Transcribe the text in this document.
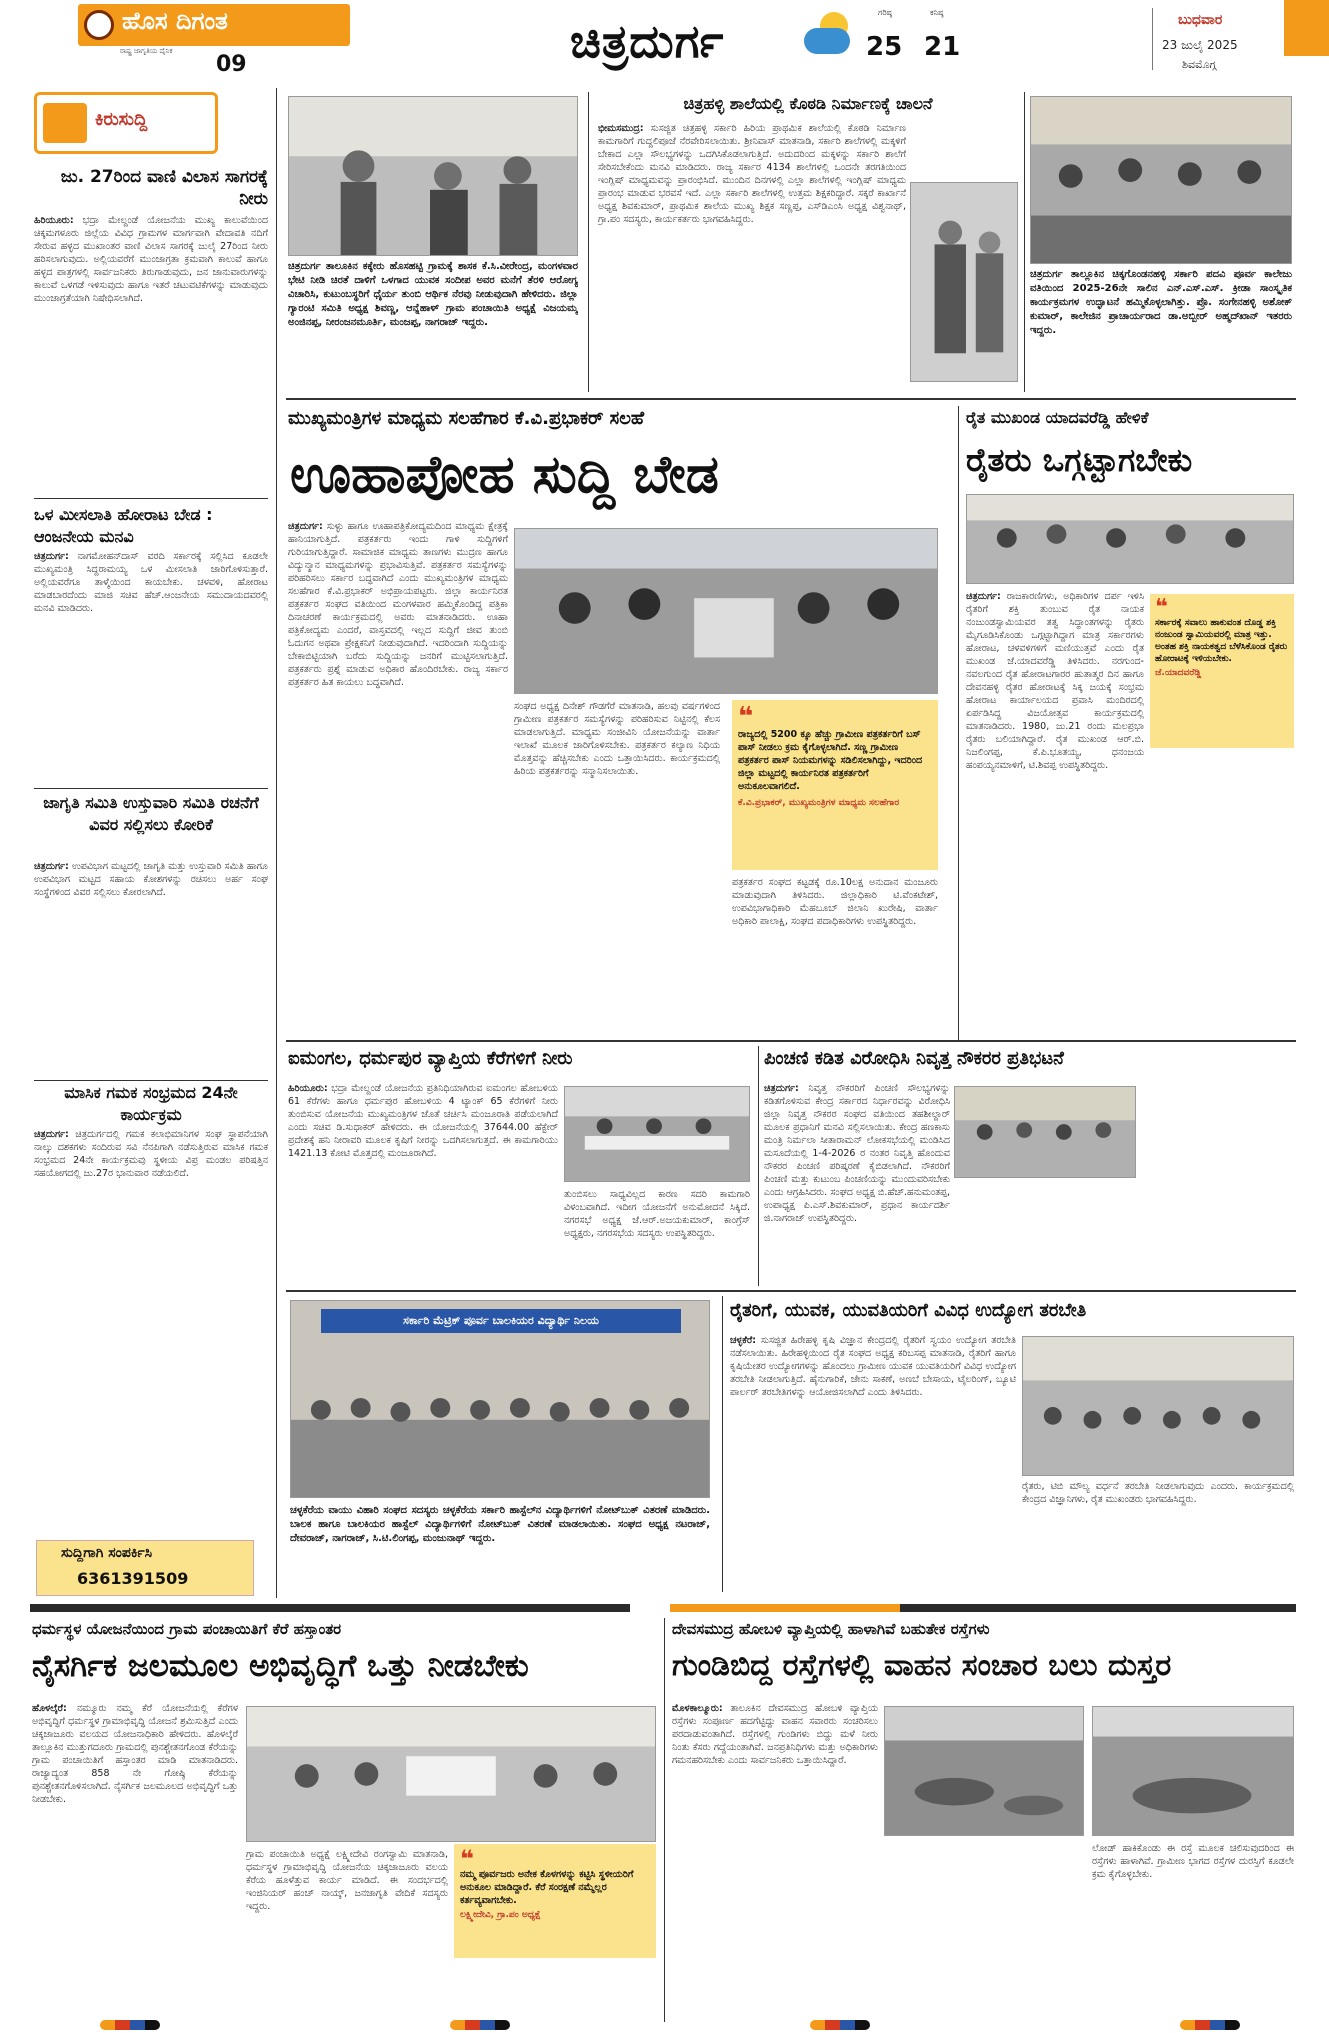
ಹೊಸ ದಿಗಂತ
ರಾಷ್ಟ್ರ ಜಾಗೃತಿಯ ದೈನಿಕ
09	ಚಿತ್ರದುರ್ಗ
ಗರಿಷ್ಠ
25
ಕನಿಷ್ಠ
21
ಬುಧವಾರ
23 ಜುಲೈ 2025
ಶಿವಮೊಗ್ಗ
ಕಿರುಸುದ್ದಿ
ಜು. 27ರಿಂದ ವಾಣಿ ವಿಲಾಸ ಸಾಗರಕ್ಕೆ ನೀರು
ಹಿರಿಯೂರು: ಭದ್ರಾ ಮೇಲ್ದಂಡೆ ಯೋಜನೆಯ ಮುಖ್ಯ ಕಾಲುವೆಯಿಂದ ಚಿಕ್ಕಮಗಳೂರು ಜಿಲ್ಲೆಯ ವಿವಿಧ ಗ್ರಾಮಗಳ ಮಾರ್ಗವಾಗಿ ವೇದಾವತಿ ನದಿಗೆ ಸೇರುವ ಹಳ್ಳದ ಮುಖಾಂತರ ವಾಣಿ ವಿಲಾಸ ಸಾಗರಕ್ಕೆ ಜುಲೈ 27ರಿಂದ ನೀರು ಹರಿಸಲಾಗುವುದು. ಅಲ್ಲಿಯವರೆಗೆ ಮುಂಜಾಗ್ರತಾ ಕ್ರಮವಾಗಿ ಕಾಲುವೆ ಹಾಗೂ ಹಳ್ಳದ ಪಾತ್ರಗಳಲ್ಲಿ ಸಾರ್ವಜನಿಕರು ತಿರುಗಾಡುವುದು, ಜನ ಜಾನುವಾರುಗಳನ್ನು ಕಾಲುವೆ ಒಳಗಡೆ ಇಳಿಸುವುದು ಹಾಗೂ ಇತರೆ ಚಟುವಟಿಕೆಗಳನ್ನು ಮಾಡುವುದು ಮುಂಜಾಗ್ರತೆಯಾಗಿ ನಿಷೇಧಿಸಲಾಗಿದೆ.
ಒಳ ಮೀಸಲಾತಿ ಹೋರಾಟ ಬೇಡ : ಆಂಜನೇಯ ಮನವಿ
ಚಿತ್ರದುರ್ಗ: ನಾಗಮೋಹನ್‍ದಾಸ್ ವರದಿ ಸರ್ಕಾರಕ್ಕೆ ಸಲ್ಲಿಸಿದ ಕೂಡಲೇ ಮುಖ್ಯಮಂತ್ರಿ ಸಿದ್ದರಾಮಯ್ಯ ಒಳ ಮೀಸಲಾತಿ ಜಾರಿಗೊಳಿಸುತ್ತಾರೆ. ಅಲ್ಲಿಯವರೆಗೂ ತಾಳ್ಮೆಯಿಂದ ಕಾಯಬೇಕು. ಚಳವಳಿ, ಹೋರಾಟ ಮಾಡಬಾರದೆಂದು ಮಾಜಿ ಸಚಿವ ಹೆಚ್.ಆಂಜನೇಯ ಸಮುದಾಯದವರಲ್ಲಿ ಮನವಿ ಮಾಡಿದರು.
ಜಾಗೃತಿ ಸಮಿತಿ ಉಸ್ತುವಾರಿ ಸಮಿತಿ ರಚನೆಗೆ ವಿವರ ಸಲ್ಲಿಸಲು ಕೋರಿಕೆ
ಚಿತ್ರದುರ್ಗ: ಉಪವಿಭಾಗ ಮಟ್ಟದಲ್ಲಿ ಜಾಗೃತಿ ಮತ್ತು ಉಸ್ತುವಾರಿ ಸಮಿತಿ ಹಾಗೂ ಉಪವಿಭಾಗ ಮಟ್ಟದ ಸಹಾಯ ಕೋಶಗಳನ್ನು ರಚಿಸಲು ಅರ್ಹ ಸಂಘ ಸಂಸ್ಥೆಗಳಿಂದ ವಿವರ ಸಲ್ಲಿಸಲು ಕೋರಲಾಗಿದೆ.
ಮಾಸಿಕ ಗಮಕ ಸಂಭ್ರಮದ 24ನೇ ಕಾರ್ಯಕ್ರಮ
ಚಿತ್ರದುರ್ಗ: ಚಿತ್ರದುರ್ಗದಲ್ಲಿ ಗಮಕ ಕಲಾಭಿಮಾನಿಗಳ ಸಂಘ ಸ್ಥಾಪನೆಯಾಗಿ ನಾಲ್ಕು ದಶಕಗಳು ಸಂದಿರುವ ಸವಿ ನೆನಪಿಗಾಗಿ ನಡೆಸುತ್ತಿರುವ ಮಾಸಿಕ ಗಮಕ ಸಂಭ್ರಮದ 24ನೇ ಕಾರ್ಯಕ್ರಮವು ಸ್ಥಳೀಯ ವಿಪ್ರ ಮಂಡಲ ಪರಿಷತ್ತಿನ ಸಹಯೋಗದಲ್ಲಿ ಜು.27ರ ಭಾನುವಾರ ನಡೆಯಲಿದೆ.
ಸುದ್ದಿಗಾಗಿ ಸಂಪರ್ಕಿಸಿ
6361391509
ಚಿತ್ರದುರ್ಗ ತಾಲೂಕಿನ ಕಕ್ಕೇರು ಹೊಸಹಟ್ಟಿ ಗ್ರಾಮಕ್ಕೆ ಶಾಸಕ ಕೆ.ಸಿ.ವೀರೇಂದ್ರ, ಮಂಗಳವಾರ ಭೇಟಿ ನೀಡಿ ಚಿರತೆ ದಾಳಿಗೆ ಒಳಗಾದ ಯುವಕ ಸಂದೀಪ ಅವರ ಮನೆಗೆ ತೆರಳಿ ಆರೋಗ್ಯ ವಿಚಾರಿಸಿ, ಕುಟುಂಬಸ್ಥರಿಗೆ ಧೈರ್ಯ ತುಂಬಿ ಆರ್ಥಿಕ ನೆರವು ನೀಡುವುದಾಗಿ ಹೇಳಿದರು. ಜಿಲ್ಲಾ ಗ್ಯಾರಂಟಿ ಸಮಿತಿ ಅಧ್ಯಕ್ಷ ಶಿವಣ್ಣ, ಆನ್ನೆಹಾಳ್ ಗ್ರಾಮ ಪಂಚಾಯಿತಿ ಅಧ್ಯಕ್ಷೆ ವಿಜಯಮ್ಮ ಅಂಜಿನಪ್ಪ, ನೀರಂಜನಮೂರ್ತಿ, ಮಂಜಪ್ಪ, ನಾಗರಾಜ್ ಇದ್ದರು.
ಚಿತ್ರಹಳ್ಳಿ ಶಾಲೆಯಲ್ಲಿ ಕೊಠಡಿ ನಿರ್ಮಾಣಕ್ಕೆ ಚಾಲನೆ
ಭೀಮಸಮುದ್ರ: ಸುಸಜ್ಜಿತ ಚಿತ್ರಹಳ್ಳಿ ಸರ್ಕಾರಿ ಹಿರಿಯ ಪ್ರಾಥಮಿಕ ಶಾಲೆಯಲ್ಲಿ ಕೊಠಡಿ ನಿರ್ಮಾಣ ಕಾಮಗಾರಿಗೆ ಗುದ್ದಲಿಪೂಜೆ ನೆರವೇರಿಸಲಾಯಿತು. ಶ್ರೀನಿವಾಸ್ ಮಾತನಾಡಿ, ಸರ್ಕಾರಿ ಶಾಲೆಗಳಲ್ಲಿ ಮಕ್ಕಳಿಗೆ ಬೇಕಾದ ಎಲ್ಲಾ ಸೌಲಭ್ಯಗಳನ್ನು ಒದಗಿಸಿಕೊಡಲಾಗುತ್ತಿದೆ. ಅದುದರಿಂದ ಮಕ್ಕಳನ್ನು ಸರ್ಕಾರಿ ಶಾಲೆಗೆ ಸೇರಿಸಬೇಕೆಂದು ಮನವಿ ಮಾಡಿದರು. ರಾಜ್ಯ ಸರ್ಕಾರ 4134 ಶಾಲೆಗಳಲ್ಲಿ ಒಂದನೇ ತರಗತಿಯಿಂದ ಇಂಗ್ಲಿಷ್ ಮಾಧ್ಯಮವನ್ನು ಪ್ರಾರಂಭಿಸಿದೆ. ಮುಂದಿನ ದಿನಗಳಲ್ಲಿ ಎಲ್ಲಾ ಶಾಲೆಗಳಲ್ಲಿ ಇಂಗ್ಲಿಷ್ ಮಾಧ್ಯಮ ಪ್ರಾರಂಭ ಮಾಡುವ ಭರವಸೆ ಇದೆ. ಎಲ್ಲಾ ಸರ್ಕಾರಿ ಶಾಲೆಗಳಲ್ಲಿ ಉತ್ತಮ ಶಿಕ್ಷಕರಿದ್ದಾರೆ. ಸಕ್ಕರೆ ಕಾರ್ಖಾನೆ ಅಧ್ಯಕ್ಷ ಶಿವಕುಮಾರ್, ಪ್ರಾಥಮಿಕ ಶಾಲೆಯ ಮುಖ್ಯ ಶಿಕ್ಷಕ ಸಣ್ಣಪ್ಪ, ಎಸ್‍ಡಿಎಂಸಿ ಅಧ್ಯಕ್ಷ ವಿಶ್ವನಾಥ್, ಗ್ರಾ.ಪಂ ಸದಸ್ಯರು, ಕಾರ್ಯಕರ್ತರು ಭಾಗವಹಿಸಿದ್ದರು.
ಚಿತ್ರದುರ್ಗ ತಾಲ್ಲೂಕಿನ ಚಿಕ್ಕಗೊಂಡನಹಳ್ಳಿ ಸರ್ಕಾರಿ ಪದವಿ ಪೂರ್ವ ಕಾಲೇಜು ವತಿಯಿಂದ 2025-26ನೇ ಸಾಲಿನ ಎನ್.ಎಸ್.ಎಸ್. ಕ್ರೀಡಾ ಸಾಂಸ್ಕೃತಿಕ ಕಾರ್ಯಕ್ರಮಗಳ ಉದ್ಘಾಟನೆ ಹಮ್ಮಿಕೊಳ್ಳಲಾಗಿತ್ತು. ಪ್ರೊ. ಸಂಗೇನಹಳ್ಳಿ ಅಶೋಕ್ ಕುಮಾರ್, ಕಾಲೇಜಿನ ಪ್ರಾಚಾರ್ಯರಾದ ಡಾ.ಅಬ್ಬೀರ್ ಅಹ್ಮದ್‍ಖಾನ್ ಇತರರು ಇದ್ದರು.
ಮುಖ್ಯಮಂತ್ರಿಗಳ ಮಾಧ್ಯಮ ಸಲಹೆಗಾರ ಕೆ.ವಿ.ಪ್ರಭಾಕರ್ ಸಲಹೆ
ಊಹಾಪೋಹ ಸುದ್ದಿ ಬೇಡ
ಚಿತ್ರದುರ್ಗ: ಸುಳ್ಳು ಹಾಗೂ ಊಹಾಪತ್ರಿಕೋದ್ಯಮದಿಂದ ಮಾಧ್ಯಮ ಕ್ಷೇತ್ರಕ್ಕೆ ಹಾನಿಯಾಗುತ್ತಿದೆ. ಪತ್ರಕರ್ತರು ಇಂದು ಗಾಳಿ ಸುದ್ದಿಗಳಿಗೆ ಗುರಿಯಾಗುತ್ತಿದ್ದಾರೆ. ಸಾಮಾಜಿಕ ಮಾಧ್ಯಮ ತಾಣಗಳು ಮುದ್ರಣ ಹಾಗೂ ವಿದ್ಯುನ್ಮಾನ ಮಾಧ್ಯಮಗಳನ್ನು ಪ್ರಭಾವಿಸುತ್ತಿವೆ. ಪತ್ರಕರ್ತರ ಸಮಸ್ಯೆಗಳನ್ನು ಪರಿಹರಿಸಲು ಸರ್ಕಾರ ಬದ್ಧವಾಗಿದೆ ಎಂದು ಮುಖ್ಯಮಂತ್ರಿಗಳ ಮಾಧ್ಯಮ ಸಲಹೆಗಾರ ಕೆ.ವಿ.ಪ್ರಭಾಕರ್ ಅಭಿಪ್ರಾಯಪಟ್ಟರು. ಜಿಲ್ಲಾ ಕಾರ್ಯನಿರತ ಪತ್ರಕರ್ತರ ಸಂಘದ ವತಿಯಿಂದ ಮಂಗಳವಾರ ಹಮ್ಮಿಕೊಂಡಿದ್ದ ಪತ್ರಿಕಾ ದಿನಾಚರಣೆ ಕಾರ್ಯಕ್ರಮದಲ್ಲಿ ಅವರು ಮಾತನಾಡಿದರು. ಊಹಾ ಪತ್ರಿಕೋದ್ಯಮ ಎಂದರೆ, ವಾಸ್ತವದಲ್ಲಿ ಇಲ್ಲದ ಸುದ್ದಿಗೆ ಜೀವ ತುಂಬಿ ಓದುಗನ ಅಥವಾ ಪ್ರೇಕ್ಷಕನಿಗೆ ನೀಡುವುದಾಗಿದೆ. ಇದರಿಂದಾಗಿ ಸುದ್ದಿಯನ್ನು ಬೇಕಾಬಿಟ್ಟಿಯಾಗಿ ಬರೆದು ಸುದ್ದಿಯನ್ನು ಜನರಿಗೆ ಮುಟ್ಟಿಸಲಾಗುತ್ತಿದೆ. ಪತ್ರಕರ್ತರು ಪ್ರಶ್ನೆ ಮಾಡುವ ಅಧಿಕಾರ ಹೊಂದಿರಬೇಕು. ರಾಜ್ಯ ಸರ್ಕಾರ ಪತ್ರಕರ್ತರ ಹಿತ ಕಾಯಲು ಬದ್ಧವಾಗಿದೆ.
ಸಂಘದ ಅಧ್ಯಕ್ಷ ದಿನೇಶ್ ಗೌಡಗೆರೆ ಮಾತನಾಡಿ, ಹಲವು ವರ್ಷಗಳಿಂದ ಗ್ರಾಮೀಣ ಪತ್ರಕರ್ತರ ಸಮಸ್ಯೆಗಳನ್ನು ಪರಿಹರಿಸುವ ನಿಟ್ಟಿನಲ್ಲಿ ಕೆಲಸ ಮಾಡಲಾಗುತ್ತಿದೆ. ಮಾಧ್ಯಮ ಸಂಜೀವಿನಿ ಯೋಜನೆಯನ್ನು ವಾರ್ತಾ ಇಲಾಖೆ ಮೂಲಕ ಜಾರಿಗೊಳಿಸಬೇಕು. ಪತ್ರಕರ್ತರ ಕಲ್ಯಾಣ ನಿಧಿಯ ಮೊತ್ತವನ್ನು ಹೆಚ್ಚಿಸಬೇಕು ಎಂದು ಒತ್ತಾಯಿಸಿದರು. ಕಾರ್ಯಕ್ರಮದಲ್ಲಿ ಹಿರಿಯ ಪತ್ರಕರ್ತರನ್ನು ಸನ್ಮಾನಿಸಲಾಯಿತು.
❝
ರಾಜ್ಯದಲ್ಲಿ 5200 ಕ್ಕೂ ಹೆಚ್ಚು ಗ್ರಾಮೀಣ ಪತ್ರಕರ್ತರಿಗೆ ಬಸ್ ಪಾಸ್ ನೀಡಲು ಕ್ರಮ ಕೈಗೊಳ್ಳಲಾಗಿದೆ. ಸಣ್ಣ ಗ್ರಾಮೀಣ ಪತ್ರಕರ್ತರ ಪಾಸ್ ನಿಯಮಗಳನ್ನು ಸಡಿಲಿಸಲಾಗಿದ್ದು, ಇದರಿಂದ ಜಿಲ್ಲಾ ಮಟ್ಟದಲ್ಲಿ ಕಾರ್ಯನಿರತ ಪತ್ರಕರ್ತರಿಗೆ ಅನುಕೂಲವಾಗಲಿದೆ.
ಕೆ.ವಿ.ಪ್ರಭಾಕರ್, ಮುಖ್ಯಮಂತ್ರಿಗಳ ಮಾಧ್ಯಮ ಸಲಹೆಗಾರ
ಪತ್ರಕರ್ತರ ಸಂಘದ ಕಟ್ಟಡಕ್ಕೆ ರೂ.10ಲಕ್ಷ ಅನುದಾನ ಮಂಜೂರು ಮಾಡುವುದಾಗಿ ತಿಳಿಸಿದರು. ಜಿಲ್ಲಾಧಿಕಾರಿ ಟಿ.ವೆಂಕಟೇಶ್, ಉಪವಿಭಾಗಾಧಿಕಾರಿ ಮೆಹಬೂಬ್ ಜಿಲಾನಿ ಖುರೇಷಿ, ವಾರ್ತಾ ಅಧಿಕಾರಿ ಪಾಲಾಕ್ಷಿ, ಸಂಘದ ಪದಾಧಿಕಾರಿಗಳು ಉಪಸ್ಥಿತರಿದ್ದರು.
ರೈತ ಮುಖಂಡ ಯಾದವರೆಡ್ಡಿ ಹೇಳಿಕೆ
ರೈತರು ಒಗ್ಗಟ್ಟಾಗಬೇಕು
ಚಿತ್ರದುರ್ಗ: ರಾಜಕಾರಣಿಗಳು, ಅಧಿಕಾರಿಗಳ ದರ್ಪ ಇಳಿಸಿ ರೈತರಿಗೆ ಶಕ್ತಿ ತುಂಬುವ ರೈತ ನಾಯಕ ನಂಜುಂಡಸ್ವಾಮಿಯವರ ತತ್ವ ಸಿದ್ಧಾಂತಗಳನ್ನು ರೈತರು ಮೈಗೂಡಿಸಿಕೊಂಡು ಒಗ್ಗಟ್ಟಾಗಿದ್ದಾಗ ಮಾತ್ರ ಸರ್ಕಾರಗಳು ಹೋರಾಟ, ಚಳವಳಿಗಳಿಗೆ ಮಣಿಯುತ್ತವೆ ಎಂದು ರೈತ ಮುಖಂಡ ಜೆ.ಯಾದವರೆಡ್ಡಿ ತಿಳಿಸಿದರು. ನರಗುಂದ-ನವಲಗುಂದ ರೈತ ಹೋರಾಟಗಾರರ ಹುತಾತ್ಮರ ದಿನ ಹಾಗೂ ದೇವನಹಳ್ಳಿ ರೈತರ ಹೋರಾಟಕ್ಕೆ ಸಿಕ್ಕ ಜಯಕ್ಕೆ ಸಂಭ್ರಮ ಹೋರಾಟ ಕಾರ್ಯಾಲಯದ ಪ್ರವಾಸಿ ಮಂದಿರದಲ್ಲಿ ಏರ್ಪಡಿಸಿದ್ದ ವಿಜಯೋತ್ಸವ ಕಾರ್ಯಕ್ರಮದಲ್ಲಿ ಮಾತನಾಡಿದರು. 1980, ಜು.21 ರಂದು ಮಲಪ್ರಭಾ ರೈತರು ಬಲಿಯಾಗಿದ್ದಾರೆ. ರೈತ ಮುಖಂಡ ಆರ್.ಬಿ. ನಿಜಲಿಂಗಪ್ಪ, ಕೆ.ಪಿ.ಭೂತಯ್ಯ, ಧನಂಜಯ ಹಂಪಯ್ಯನಮಾಳಿಗೆ, ಟಿ.ಶಿವಪ್ಪ ಉಪಸ್ಥಿತರಿದ್ದರು.
❝
ಸರ್ಕಾರಕ್ಕೆ ಸವಾಲು ಹಾಕುವಂತ ದೊಡ್ಡ ಶಕ್ತಿ ನಂಜುಂಡ ಸ್ವಾಮಿಯವರಲ್ಲಿ ಮಾತ್ರ ಇತ್ತು. ಅಂತಹ ಶಕ್ತಿ ನಾಯಕತ್ವದ ಬೆಳೆಸಿಕೊಂಡ ರೈತರು ಹೋರಾಟಕ್ಕೆ ಇಳಿಯಬೇಕು.
ಜೆ.ಯಾದವರೆಡ್ಡಿ
ಐಮಂಗಲ, ಧರ್ಮಪುರ ವ್ಯಾಪ್ತಿಯ ಕೆರೆಗಳಿಗೆ ನೀರು
ಹಿರಿಯೂರು: ಭದ್ರಾ ಮೇಲ್ದಂಡೆ ಯೋಜನೆಯ ಪ್ರತಿನಿಧಿಯಾಗಿರುವ ಐಮಂಗಲ ಹೋಬಳಿಯ 61 ಕೆರೆಗಳು ಹಾಗೂ ಧರ್ಮಪುರ ಹೋಬಳಿಯ 4 ಟ್ಯಾಂಕ್ 65 ಕೆರೆಗಳಿಗೆ ನೀರು ತುಂಬಿಸುವ ಯೋಜನೆಯ ಮುಖ್ಯಮಂತ್ರಿಗಳ ಜೊತೆ ಚರ್ಚಿಸಿ ಮಂಜೂರಾತಿ ಪಡೆಯಲಾಗಿದೆ ಎಂದು ಸಚಿವ ಡಿ.ಸುಧಾಕರ್ ಹೇಳಿದರು. ಈ ಯೋಜನೆಯಲ್ಲಿ 37644.00 ಹೆಕ್ಟೇರ್ ಪ್ರದೇಶಕ್ಕೆ ಹನಿ ನೀರಾವರಿ ಮೂಲಕ ಕೃಷಿಗೆ ನೀರನ್ನು ಒದಗಿಸಲಾಗುತ್ತದೆ. ಈ ಕಾಮಗಾರಿಯು 1421.13 ಕೋಟಿ ಮೊತ್ತದಲ್ಲಿ ಮಂಜೂರಾಗಿದೆ.
ತುಂಬಿಸಲು ಸಾಧ್ಯವಿಲ್ಲದ ಕಾರಣ ಸದರಿ ಕಾಮಗಾರಿ ವಿಳಂಬವಾಗಿದೆ. ಇದೀಗ ಯೋಜನೆಗೆ ಅನುಮೋದನೆ ಸಿಕ್ಕಿದೆ. ನಗರಸಭೆ ಅಧ್ಯಕ್ಷ ಜೆ.ಆರ್.ಅಜಯಕುಮಾರ್, ಕಾಂಗ್ರೆಸ್ ಅಧ್ಯಕ್ಷರು, ನಗರಸಭೆಯ ಸದಸ್ಯರು ಉಪಸ್ಥಿತರಿದ್ದರು.
ಪಿಂಚಣಿ ಕಡಿತ ವಿರೋಧಿಸಿ ನಿವೃತ್ತ ನೌಕರರ ಪ್ರತಿಭಟನೆ
ಚಿತ್ರದುರ್ಗ: ನಿವೃತ್ತ ನೌಕರರಿಗೆ ಪಿಂಚಣಿ ಸೌಲಭ್ಯಗಳನ್ನು ಕಡಿತಗೊಳಿಸುವ ಕೇಂದ್ರ ಸರ್ಕಾರದ ನಿರ್ಧಾರವನ್ನು ವಿರೋಧಿಸಿ ಜಿಲ್ಲಾ ನಿವೃತ್ತ ನೌಕರರ ಸಂಘದ ವತಿಯಿಂದ ತಹಶೀಲ್ದಾರ್ ಮೂಲಕ ಪ್ರಧಾನಿಗೆ ಮನವಿ ಸಲ್ಲಿಸಲಾಯಿತು. ಕೇಂದ್ರ ಹಣಕಾಸು ಮಂತ್ರಿ ನಿರ್ಮಲಾ ಸೀತಾರಾಮನ್ ಲೋಕಸಭೆಯಲ್ಲಿ ಮಂಡಿಸಿದ ಮಸೂದೆಯಲ್ಲಿ 1-4-2026 ರ ನಂತರ ನಿವೃತ್ತಿ ಹೊಂದುವ ನೌಕರರ ಪಿಂಚಣಿ ಪರಿಷ್ಕರಣೆ ಕೈಬಿಡಲಾಗಿದೆ. ನೌಕರರಿಗೆ ಪಿಂಚಣಿ ಮತ್ತು ಕುಟುಂಬ ಪಿಂಚಣಿಯನ್ನು ಮುಂದುವರಿಸಬೇಕು ಎಂದು ಆಗ್ರಹಿಸಿದರು. ಸಂಘದ ಅಧ್ಯಕ್ಷ ಬಿ.ಹೆಚ್.ಹನುಮಂತಪ್ಪ, ಉಪಾಧ್ಯಕ್ಷ ಪಿ.ಎಸ್.ಶಿವಕುಮಾರ್, ಪ್ರಧಾನ ಕಾರ್ಯದರ್ಶಿ ಜಿ.ನಾಗರಾಜ್ ಉಪಸ್ಥಿತರಿದ್ದರು.
ಸರ್ಕಾರಿ ಮೆಟ್ರಿಕ್ ಪೂರ್ವ ಬಾಲಕಿಯರ ವಿದ್ಯಾರ್ಥಿ ನಿಲಯ
ಚಳ್ಳಕೆರೆಯ ವಾಯು ವಿಹಾರಿ ಸಂಘದ ಸದಸ್ಯರು ಚಳ್ಳಕೆರೆಯ ಸರ್ಕಾರಿ ಹಾಸ್ಟೆಲ್‍ನ ವಿದ್ಯಾರ್ಥಿಗಳಿಗೆ ನೋಟ್‍ಬುಕ್ ವಿತರಣೆ ಮಾಡಿದರು. ಬಾಲಕ ಹಾಗೂ ಬಾಲಕಿಯರ ಹಾಸ್ಟೆಲ್ ವಿದ್ಯಾರ್ಥಿಗಳಿಗೆ ನೋಟ್‍ಬುಕ್ ವಿತರಣೆ ಮಾಡಲಾಯಿತು. ಸಂಘದ ಅಧ್ಯಕ್ಷ ನಟರಾಜ್, ದೇವರಾಜ್, ನಾಗರಾಜ್, ಸಿ.ಟಿ.ಲಿಂಗಪ್ಪ, ಮಂಜುನಾಥ್ ಇದ್ದರು.
ರೈತರಿಗೆ, ಯುವಕ, ಯುವತಿಯರಿಗೆ ವಿವಿಧ ಉದ್ಯೋಗ ತರಬೇತಿ
ಚಳ್ಳಕೆರೆ: ಸುಸಜ್ಜಿತ ಹಿರೇಹಳ್ಳಿ ಕೃಷಿ ವಿಜ್ಞಾನ ಕೇಂದ್ರದಲ್ಲಿ ರೈತರಿಗೆ ಸ್ವಯಂ ಉದ್ಯೋಗ ತರಬೇತಿ ನಡೆಸಲಾಯಿತು. ಹಿರೇಹಳ್ಳಿಯಿಂದ ರೈತ ಸಂಘದ ಅಧ್ಯಕ್ಷ ಕರಿಬಸಪ್ಪ ಮಾತನಾಡಿ, ರೈತರಿಗೆ ಹಾಗೂ ಕೃಷಿಯೇತರ ಉದ್ಯೋಗಗಳನ್ನು ಹೊಂದಲು ಗ್ರಾಮೀಣ ಯುವಕ ಯುವತಿಯರಿಗೆ ವಿವಿಧ ಉದ್ಯೋಗ ತರಬೇತಿ ನೀಡಲಾಗುತ್ತಿದೆ. ಹೈನುಗಾರಿಕೆ, ಜೇನು ಸಾಕಣೆ, ಅಣಬೆ ಬೇಸಾಯ, ಟೈಲರಿಂಗ್, ಬ್ಯೂಟಿ ಪಾರ್ಲರ್ ತರಬೇತಿಗಳನ್ನು ಆಯೋಜಿಸಲಾಗಿದೆ ಎಂದು ತಿಳಿಸಿದರು.
ರೈತರು, ಟಿಬಿ ಮೌಲ್ಯ ವರ್ಧನೆ ತರಬೇತಿ ನೀಡಲಾಗುವುದು ಎಂದರು. ಕಾರ್ಯಕ್ರಮದಲ್ಲಿ ಕೇಂದ್ರದ ವಿಜ್ಞಾನಿಗಳು, ರೈತ ಮುಖಂಡರು ಭಾಗವಹಿಸಿದ್ದರು.
ಧರ್ಮಸ್ಥಳ ಯೋಜನೆಯಿಂದ ಗ್ರಾಮ ಪಂಚಾಯಿತಿಗೆ ಕೆರೆ ಹಸ್ತಾಂತರ
ನೈಸರ್ಗಿಕ ಜಲಮೂಲ ಅಭಿವೃದ್ಧಿಗೆ ಒತ್ತು ನೀಡಬೇಕು
ಹೊಳಲ್ಕೆರೆ: ನಮ್ಮೂರು ನಮ್ಮ ಕೆರೆ ಯೋಜನೆಯಲ್ಲಿ ಕೆರೆಗಳ ಅಭಿವೃದ್ಧಿಗೆ ಧರ್ಮಸ್ಥಳ ಗ್ರಾಮಾಭಿವೃದ್ಧಿ ಯೋಜನೆ ಶ್ರಮಿಸುತ್ತಿದೆ ಎಂದು ಚಿಕ್ಕಜಾಜೂರು ವಲಯದ ಯೋಜನಾಧಿಕಾರಿ ಹೇಳಿದರು. ಹೊಳಲ್ಕೆರೆ ತಾಲ್ಲೂಕಿನ ಮುತ್ತುಗದೂರು ಗ್ರಾಮದಲ್ಲಿ ಪುನಶ್ಚೇತನಗೊಂಡ ಕೆರೆಯನ್ನು ಗ್ರಾಮ ಪಂಚಾಯಿತಿಗೆ ಹಸ್ತಾಂತರ ಮಾಡಿ ಮಾತನಾಡಿದರು. ರಾಜ್ಯಾದ್ಯಂತ 858 ನೇ ಗೋಷ್ಠಿ ಕೆರೆಯನ್ನು ಪುನಶ್ಚೇತನಗೊಳಿಸಲಾಗಿದೆ. ನೈಸರ್ಗಿಕ ಜಲಮೂಲದ ಅಭಿವೃದ್ಧಿಗೆ ಒತ್ತು ನೀಡಬೇಕು.
ಗ್ರಾಮ ಪಂಚಾಯಿತಿ ಅಧ್ಯಕ್ಷೆ ಲಕ್ಷ್ಮೀದೇವಿ ರಂಗಸ್ವಾಮಿ ಮಾತನಾಡಿ, ಧರ್ಮಸ್ಥಳ ಗ್ರಾಮಾಭಿವೃದ್ಧಿ ಯೋಜನೆಯ ಚಿಕ್ಕಜಾಜೂರು ವಲಯ ಕೆರೆಯ ಹೂಳೆತ್ತುವ ಕಾರ್ಯ ಮಾಡಿದೆ. ಈ ಸಂದರ್ಭದಲ್ಲಿ ಇಂಜಿನಿಯರ್ ಹಂಚ್ ನಾಯ್ಕ್, ಜನಜಾಗೃತಿ ವೇದಿಕೆ ಸದಸ್ಯರು ಇದ್ದರು.
❝
ನಮ್ಮ ಪೂರ್ವಜರು ಅನೇಕ ಕೊಳಗಳನ್ನು ಕಟ್ಟಿಸಿ ಸ್ಥಳೀಯರಿಗೆ ಅನುಕೂಲ ಮಾಡಿದ್ದಾರೆ. ಕೆರೆ ಸಂರಕ್ಷಣೆ ನಮ್ಮೆಲ್ಲರ ಕರ್ತವ್ಯವಾಗಬೇಕು.
ಲಕ್ಷ್ಮೀದೇವಿ, ಗ್ರಾ.ಪಂ ಅಧ್ಯಕ್ಷೆ
ದೇವಸಮುದ್ರ ಹೋಬಳಿ ವ್ಯಾಪ್ತಿಯಲ್ಲಿ ಹಾಳಾಗಿವೆ ಬಹುತೇಕ ರಸ್ತೆಗಳು
ಗುಂಡಿಬಿದ್ದ ರಸ್ತೆಗಳಲ್ಲಿ ವಾಹನ ಸಂಚಾರ ಬಲು ದುಸ್ತರ
ಮೊಳಕಾಲ್ಮೂರು: ತಾಲೂಕಿನ ದೇವಸಮುದ್ರ ಹೋಬಳಿ ವ್ಯಾಪ್ತಿಯ ರಸ್ತೆಗಳು ಸಂಪೂರ್ಣ ಹದಗೆಟ್ಟಿದ್ದು ವಾಹನ ಸವಾರರು ಸಂಚರಿಸಲು ಪರದಾಡುವಂತಾಗಿದೆ. ರಸ್ತೆಗಳಲ್ಲಿ ಗುಂಡಿಗಳು ಬಿದ್ದು ಮಳೆ ನೀರು ನಿಂತು ಕೆಸರು ಗದ್ದೆಯಂತಾಗಿವೆ. ಜನಪ್ರತಿನಿಧಿಗಳು ಮತ್ತು ಅಧಿಕಾರಿಗಳು ಗಮನಹರಿಸಬೇಕು ಎಂದು ಸಾರ್ವಜನಿಕರು ಒತ್ತಾಯಿಸಿದ್ದಾರೆ.
ಲೋಡ್ ಹಾಕಿಕೊಂಡು ಈ ರಸ್ತೆ ಮೂಲಕ ಚಲಿಸುವುದರಿಂದ ಈ ರಸ್ತೆಗಳು ಹಾಳಾಗಿವೆ. ಗ್ರಾಮೀಣ ಭಾಗದ ರಸ್ತೆಗಳ ದುರಸ್ತಿಗೆ ಕೂಡಲೇ ಕ್ರಮ ಕೈಗೊಳ್ಳಬೇಕು.
